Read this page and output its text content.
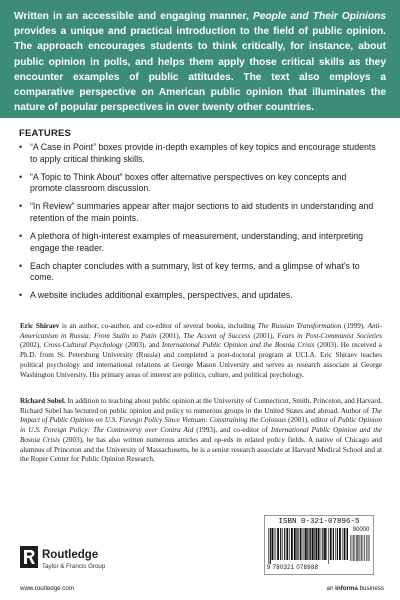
Written in an accessible and engaging manner, People and Their Opinions provides a unique and practical introduction to the field of public opinion. The approach encourages students to think critically, for instance, about public opinion in polls, and helps them apply those critical skills as they encounter examples of public attitudes. The text also employs a comparative perspective on American public opinion that illuminates the nature of popular perspectives in over twenty other countries.

FEATURES
• “A Case in Point” boxes provide in-depth examples of key topics and encourage students to apply critical thinking skills.
• “A Topic to Think About” boxes offer alternative perspectives on key concepts and promote classroom discussion.
• “In Review” summaries appear after major sections to aid students in understanding and retention of the main points.
• A plethora of high-interest examples of measurement, understanding, and interpreting engage the reader.
• Each chapter concludes with a summary, list of key terms, and a glimpse of what’s to come.
• A website includes additional examples, perspectives, and updates.

Eric Shiraev is an author, co-author, and co-editor of several books, including The Russian Transformation (1999), Anti-Americanism in Russia: From Stalin to Putin (2001), The Accent of Success (2001), Fears in Post-Communist Societies (2002), Cross-Cultural Psychology (2003), and International Public Opinion and the Bosnia Crisis (2003). He received a Ph.D. from St. Petersburg University (Russia) and completed a post-doctoral program at UCLA. Eric Shiraev teaches political psychology and international relations at George Mason University and serves as research associate at George Washington University. His primary areas of interest are politics, culture, and political psychology.

Richard Sobel. In addition to teaching about public opinion at the University of Connecticut, Smith, Princeton, and Harvard, Richard Sobel has lectured on public opinion and policy to numerous groups in the United States and abroad. Author of The Impact of Public Opinion on U.S. Foreign Policy Since Vietnam: Constraining the Colossus (2001), editor of Public Opinion in U.S. Foreign Policy: The Controversy over Contra Aid (1993), and co-editor of International Public Opinion and the Bosnia Crisis (2003), he has also written numerous articles and op-eds in related policy fields. A native of Chicago and alumnus of Princeton and the University of Massachusetts, he is a senior research associate at Harvard Medical School and at the Roper Center for Public Opinion Research.

ISBN 0-321-07896-5
9 780321 078988
90000

Routledge

Taylor & Francis Group

www.routledge.com	an informa business
